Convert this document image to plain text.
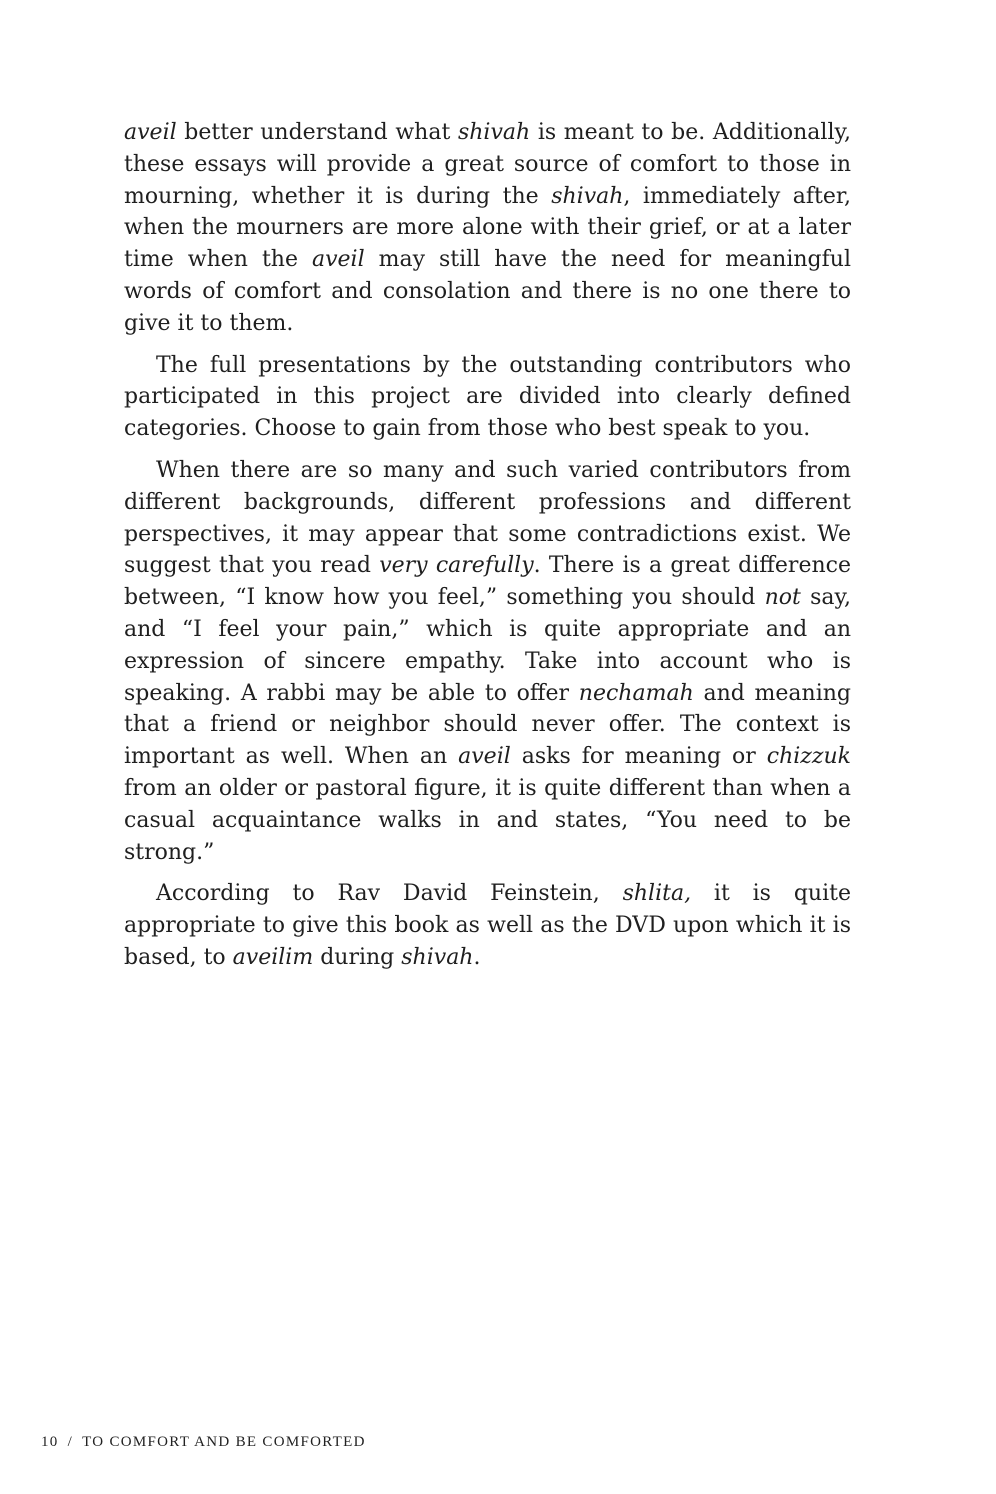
aveil better understand what shivah is meant to be. Additionally, these essays will provide a great source of comfort to those in mourning, whether it is during the shivah, immediately after, when the mourners are more alone with their grief, or at a later time when the aveil may still have the need for meaningful words of comfort and consolation and there is no one there to give it to them.

The full presentations by the outstanding contributors who participated in this project are divided into clearly defined categories. Choose to gain from those who best speak to you.

When there are so many and such varied contributors from different backgrounds, different professions and different perspectives, it may appear that some contradictions exist. We suggest that you read very carefully. There is a great difference between, “I know how you feel,” something you should not say, and “I feel your pain,” which is quite appropriate and an expression of sincere empathy. Take into account who is speaking. A rabbi may be able to offer nechamah and meaning that a friend or neighbor should never offer. The context is important as well. When an aveil asks for meaning or chizzuk from an older or pastoral figure, it is quite different than when a casual acquaintance walks in and states, “You need to be strong.”

According to Rav David Feinstein, shlita, it is quite appropriate to give this book as well as the DVD upon which it is based, to aveilim during shivah.

10 / TO COMFORT AND BE COMFORTED
